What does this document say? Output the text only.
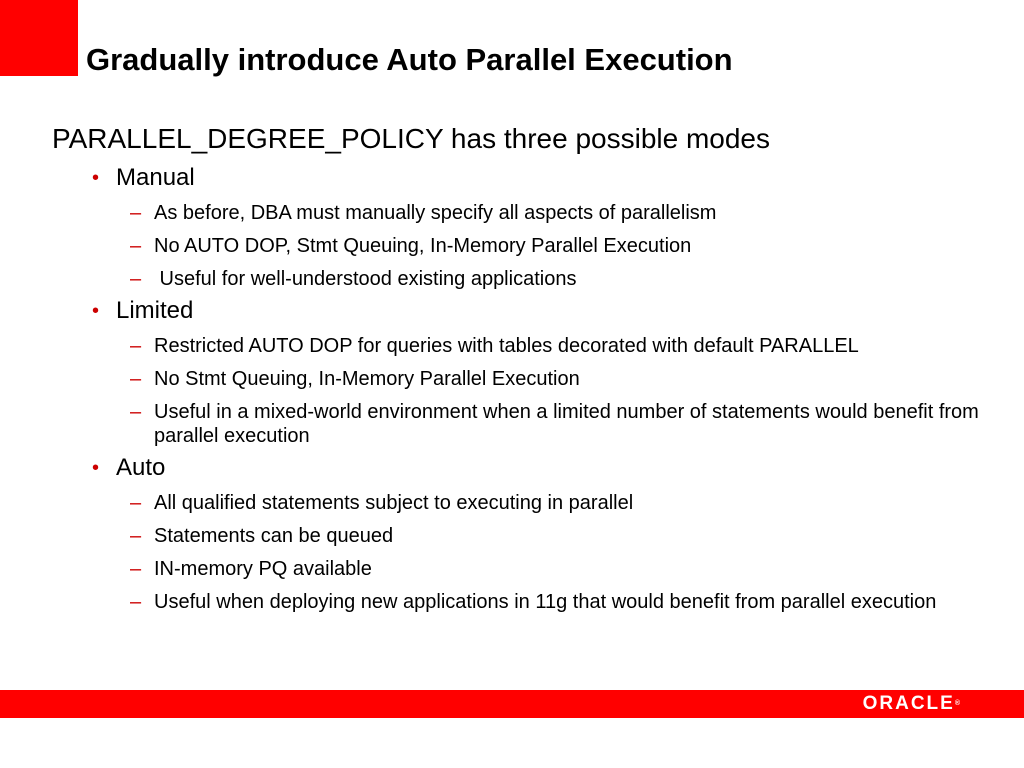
Gradually introduce Auto Parallel Execution
PARALLEL_DEGREE_POLICY has three possible modes
• Manual
– As before, DBA must manually specify all aspects of parallelism
– No AUTO DOP, Stmt Queuing, In-Memory Parallel Execution
– Useful for well-understood existing applications
• Limited
– Restricted AUTO DOP for queries with tables decorated with default PARALLEL
– No Stmt Queuing, In-Memory Parallel Execution
– Useful in a mixed-world environment when a limited number of statements would benefit from parallel execution
• Auto
– All qualified statements subject to executing in parallel
– Statements can be queued
– IN-memory PQ available
– Useful when deploying new applications in 11g that would benefit from parallel execution
ORACLE®
